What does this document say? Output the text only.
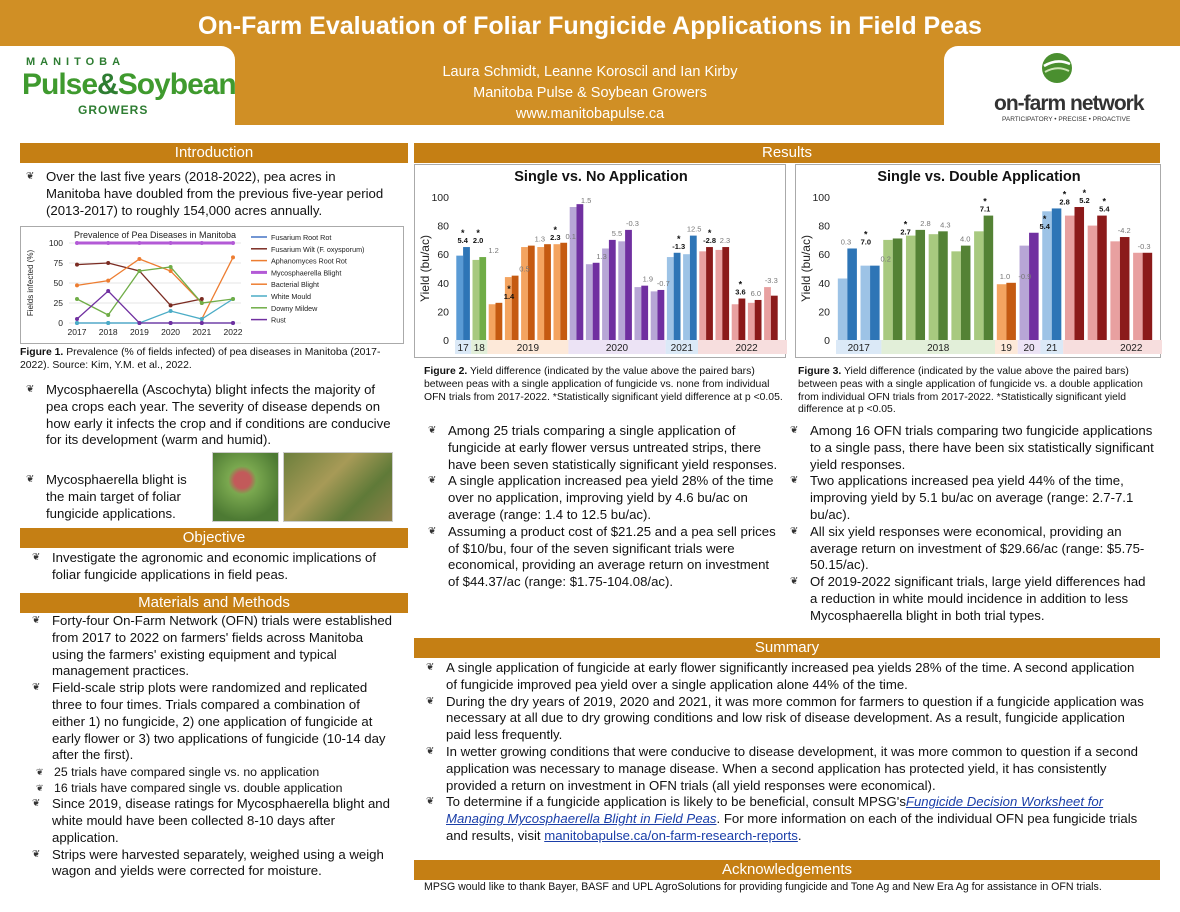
On-Farm Evaluation of Foliar Fungicide Applications in Field Peas
MANITOBA
Pulse&Soybean
GROWERS
Laura Schmidt, Leanne Koroscil and Ian Kirby
Manitoba Pulse & Soybean Growers
www.manitobapulse.ca	on-farm network
PARTICIPATORY • PRECISE • PROACTIVE
Introduction
❦ Over the last five years (2018-2022), pea acres in Manitoba have doubled from the previous five-year period (2013-2017) to roughly 154,000 acres annually.
Prevalence of Pea Diseases in Manitoba
Fields infected (%)
0
25
50
75
100
2017 2018 2019 2020 2021 2022
Fusarium Root Rot
Fusarium Wilt (F. oxysporum)
Aphanomyces Root Rot
Mycosphaerella Blight
Bacterial Blight
White Mould
Downy Mildew
Rust
Figure 1. Prevalence (% of fields infected) of pea diseases in Manitoba (2017-2022). Source: Kim, Y.M. et al., 2022.
❦ Mycosphaerella (Ascochyta) blight infects the majority of pea crops each year. The severity of disease depends on how early it infects the crop and if conditions are conducive for its development (warm and humid).
❦ Mycosphaerella blight is the main target of foliar fungicide applications.
Objective
❦ Investigate the agronomic and economic implications of foliar fungicide applications in field peas.
Materials and Methods
❦ Forty-four On-Farm Network (OFN) trials were established from 2017 to 2022 on farmers' fields across Manitoba using the farmers' existing equipment and typical management practices.
❦ Field-scale strip plots were randomized and replicated three to four times. Trials compared a combination of either 1) no fungicide, 2) one application of fungicide at early flower or 3) two applications of fungicide (10-14 day after the first).
❦ 25 trials have compared single vs. no application
❦ 16 trials have compared single vs. double application
❦ Since 2019, disease ratings for Mycosphaerella blight and white mould have been collected 8-10 days after application.
❦ Strips were harvested separately, weighed using a weigh wagon and yields were corrected for moisture.
Results
Single vs. No Application
Yield (bu/ac)
0
20
40
60
80
100
17 18	2019	2020	2021	2022
5.4
*
2.0
*
1.2
1.4
*
0.5
1.3 2.3
*
0.1
1.5
1.3
5.5
-0.3
1.9 -0.7
-1.3
*
12.5
-2.8
*
2.3
3.6
*
6.0
-3.3
Single vs. Double Application
Yield (bu/ac)
0
20
40
60
80
100
2017	2018	19 20 21	2022
0.3 7.0
*
0.2
2.7
* 2.8 4.3
4.0
7.1
*
1.0 -0.9
5.4
*
2.8
*
5.2
*
5.4
*
-4.2
-0.3
Figure 2. Yield difference (indicated by the value above the paired bars) between peas with a single application of fungicide vs. none from individual OFN trials from 2017-2022. *Statistically significant yield difference at p <0.05.
Figure 3. Yield difference (indicated by the value above the paired bars) between peas with a single application of fungicide vs. a double application from individual OFN trials from 2017-2022. *Statistically significant yield difference at p <0.05.
❦ Among 25 trials comparing a single application of fungicide at early flower versus untreated strips, there have been seven statistically significant yield responses.
❦ A single application increased pea yield 28% of the time over no application, improving yield by 4.6 bu/ac on average (range: 1.4 to 12.5 bu/ac).
❦ Assuming a product cost of $21.25 and a pea sell prices of $10/bu, four of the seven significant trials were economical, providing an average return on investment of $44.37/ac (range: $1.75-104.08/ac).
❦ Among 16 OFN trials comparing two fungicide applications to a single pass, there have been six statistically significant yield responses.
❦ Two applications increased pea yield 44% of the time, improving yield by 5.1 bu/ac on average (range: 2.7-7.1 bu/ac).
❦ All six yield responses were economical, providing an average return on investment of $29.66/ac (range: $5.75-50.15/ac).
❦ Of 2019-2022 significant trials, large yield differences had a reduction in white mould incidence in addition to less Mycosphaerella blight in both trial types.
Summary
❦ A single application of fungicide at early flower significantly increased pea yields 28% of the time. A second application of fungicide improved pea yield over a single application alone 44% of the time.
❦ During the dry years of 2019, 2020 and 2021, it was more common for farmers to question if a fungicide application was necessary at all due to dry growing conditions and low risk of disease development. As a result, fungicide application paid less frequently.
❦ In wetter growing conditions that were conducive to disease development, it was more common to question if a second application was necessary to manage disease. When a second application has protected yield, it has consistently provided a return on investment in OFN trials (all yield responses were economical).
❦ To determine if a fungicide application is likely to be beneficial, consult MPSG'sFungicide Decision Worksheet for Managing Mycosphaerella Blight in Field Peas. For more information on each of the individual OFN pea fungicide trials and results, visit manitobapulse.ca/on-farm-research-reports.
Acknowledgements
MPSG would like to thank Bayer, BASF and UPL AgroSolutions for providing fungicide and Tone Ag and New Era Ag for assistance in OFN trials.
